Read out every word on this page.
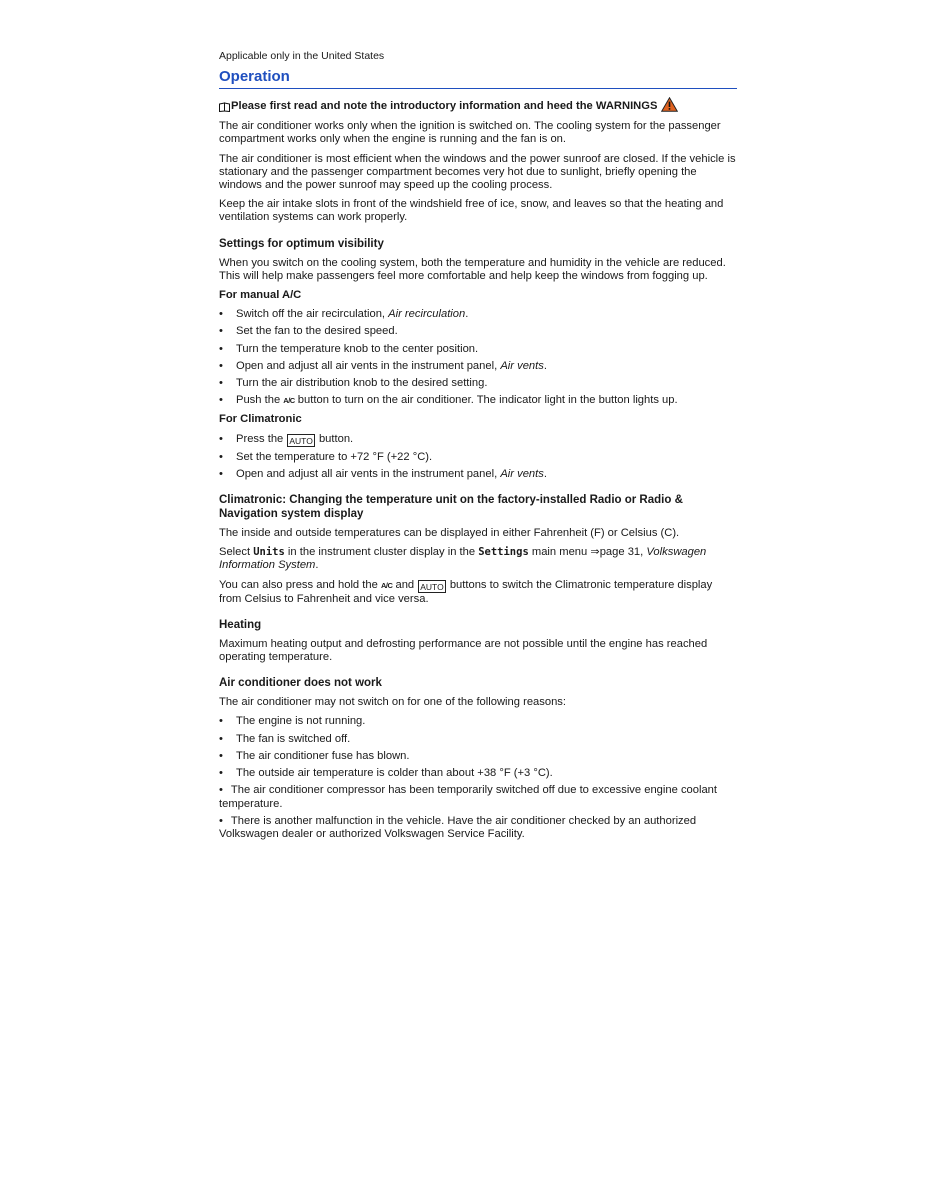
Applicable only in the United States
Operation
Please first read and note the introductory information and heed the WARNINGS

The air conditioner works only when the ignition is switched on. The cooling system for the passenger compartment works only when the engine is running and the fan is on.

The air conditioner is most efficient when the windows and the power sunroof are closed. If the vehicle is stationary and the passenger compartment becomes very hot due to sunlight, briefly opening the windows and the power sunroof may speed up the cooling process.

Keep the air intake slots in front of the windshield free of ice, snow, and leaves so that the heating and ventilation systems can work properly.

Settings for optimum visibility

When you switch on the cooling system, both the temperature and humidity in the vehicle are reduced. This will help make passengers feel more comfortable and help keep the windows from fogging up.

For manual A/C
• Switch off the air recirculation, Air recirculation.
• Set the fan to the desired speed.
• Turn the temperature knob to the center position.
• Open and adjust all air vents in the instrument panel, Air vents.
• Turn the air distribution knob to the desired setting.
• Push the A/C button to turn on the air conditioner. The indicator light in the button lights up.
For Climatronic
• Press the AUTO button.
• Set the temperature to +72 °F (+22 °C).
• Open and adjust all air vents in the instrument panel, Air vents.
Climatronic: Changing the temperature unit on the factory-installed Radio or Radio & Navigation system display

The inside and outside temperatures can be displayed in either Fahrenheit (F) or Celsius (C).

Select Units in the instrument cluster display in the Settings main menu ⇒page 31, Volkswagen Information System.

You can also press and hold the A/C and AUTO buttons to switch the Climatronic temperature display from Celsius to Fahrenheit and vice versa.

Heating

Maximum heating output and defrosting performance are not possible until the engine has reached operating temperature.

Air conditioner does not work

The air conditioner may not switch on for one of the following reasons:

• The engine is not running.
• The fan is switched off.
• The air conditioner fuse has blown.
• The outside air temperature is colder than about +38 °F (+3 °C).
• The air conditioner compressor has been temporarily switched off due to excessive engine coolant temperature.
• There is another malfunction in the vehicle. Have the air conditioner checked by an authorized Volkswagen dealer or authorized Volkswagen Service Facility.
